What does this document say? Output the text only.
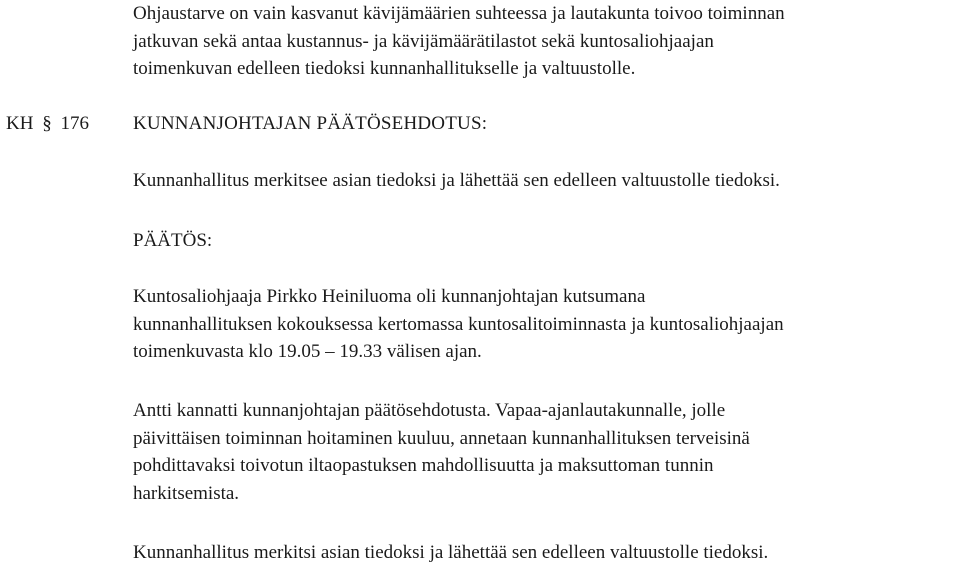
Ohjaustarve on vain kasvanut kävijämäärien suhteessa ja lautakunta toivoo toiminnan
jatkuvan sekä antaa kustannus- ja kävijämäärätilastot sekä kuntosaliohjaajan
toimenkuvan edelleen tiedoksi kunnanhallitukselle ja valtuustolle.
KH § 176 KUNNANJOHTAJAN PÄÄTÖSEHDOTUS:
Kunnanhallitus merkitsee asian tiedoksi ja lähettää sen edelleen valtuustolle tiedoksi.
PÄÄTÖS:
Kuntosaliohjaaja Pirkko Heiniluoma oli kunnanjohtajan kutsumana
kunnanhallituksen kokouksessa kertomassa kuntosalitoiminnasta ja kuntosaliohjaajan
toimenkuvasta klo 19.05 – 19.33 välisen ajan.
Antti kannatti kunnanjohtajan päätösehdotusta. Vapaa-ajanlautakunnalle, jolle
päivittäisen toiminnan hoitaminen kuuluu, annetaan kunnanhallituksen terveisinä
pohdittavaksi toivotun iltaopastuksen mahdollisuutta ja maksuttoman tunnin
harkitsemista.
Kunnanhallitus merkitsi asian tiedoksi ja lähettää sen edelleen valtuustolle tiedoksi.
